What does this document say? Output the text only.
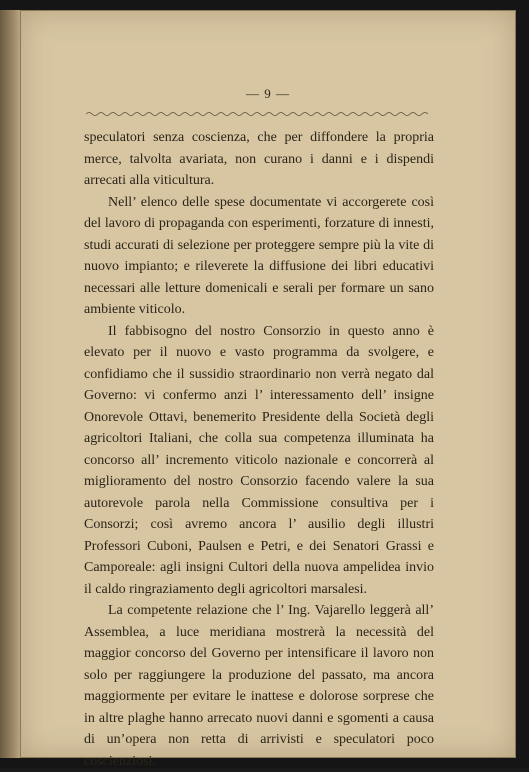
— 9 —

speculatori senza coscienza, che per diffondere la propria merce, talvolta avariata, non curano i danni e i dispendi arrecati alla viticultura.

Nell’ elenco delle spese documentate vi accorgerete così del lavoro di propaganda con esperimenti, forzature di innesti, studi accurati di selezione per proteggere sempre più la vite di nuovo impianto; e rileverete la diffusione dei libri educativi necessari alle letture domenicali e serali per formare un sano ambiente viticolo.

Il fabbisogno del nostro Consorzio in questo anno è elevato per il nuovo e vasto programma da svolgere, e confidiamo che il sussidio straordinario non verrà negato dal Governo: vi confermo anzi l’ interessamento dell’ insigne Onorevole Ottavi, benemerito Presidente della Società degli agricoltori Italiani, che colla sua competenza illuminata ha concorso all’ incremento viticolo nazionale e concorrerà al miglioramento del nostro Consorzio facendo valere la sua autorevole parola nella Commissione consultiva per i Consorzi; così avremo ancora l’ ausilio degli illustri Professori Cuboni, Paulsen e Petri, e dei Senatori Grassi e Camporeale: agli insigni Cultori della nuova ampelidea invio il caldo ringraziamento degli agricoltori marsalesi.

La competente relazione che l’ Ing. Vajarello leggerà all’ Assemblea, a luce meridiana mostrerà la necessità del maggior concorso del Governo per intensificare il lavoro non solo per raggiungere la produzione del passato, ma ancora maggiormente per evitare le inattese e dolorose sorprese che in altre plaghe hanno arrecato nuovi danni e sgomenti a causa di un’opera non retta di arrivisti e speculatori poco coscienziosi.
